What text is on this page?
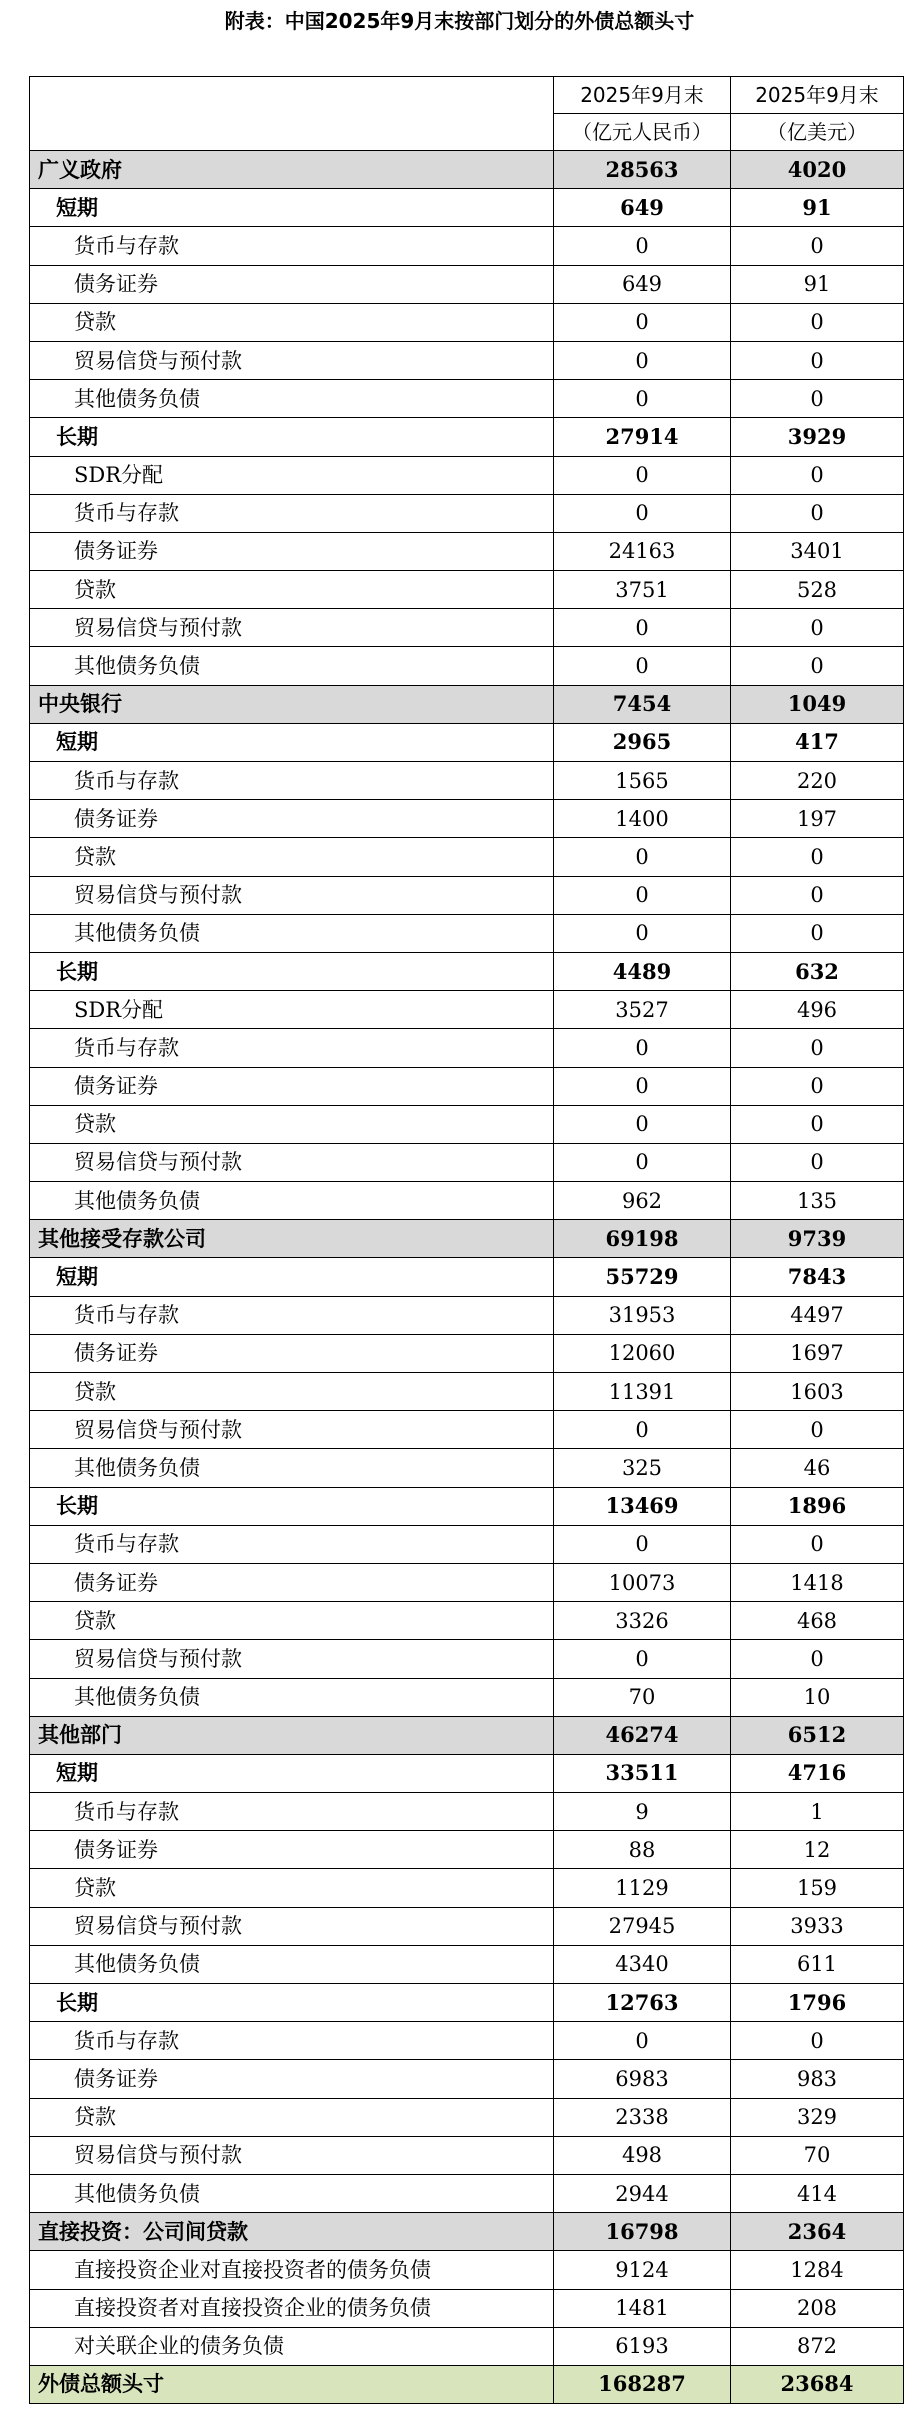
附表：中国2025年9月末按部门划分的外债总额头寸
	2025年9月末	2025年9月末
	（亿元人民币）	（亿美元）
广义政府	28563	4020
短期	649	91
货币与存款	0	0
债务证券	649	91
贷款	0	0
贸易信贷与预付款	0	0
其他债务负债	0	0
长期	27914	3929
SDR分配	0	0
货币与存款	0	0
债务证券	24163	3401
贷款	3751	528
贸易信贷与预付款	0	0
其他债务负债	0	0
中央银行	7454	1049
短期	2965	417
货币与存款	1565	220
债务证券	1400	197
贷款	0	0
贸易信贷与预付款	0	0
其他债务负债	0	0
长期	4489	632
SDR分配	3527	496
货币与存款	0	0
债务证券	0	0
贷款	0	0
贸易信贷与预付款	0	0
其他债务负债	962	135
其他接受存款公司	69198	9739
短期	55729	7843
货币与存款	31953	4497
债务证券	12060	1697
贷款	11391	1603
贸易信贷与预付款	0	0
其他债务负债	325	46
长期	13469	1896
货币与存款	0	0
债务证券	10073	1418
贷款	3326	468
贸易信贷与预付款	0	0
其他债务负债	70	10
其他部门	46274	6512
短期	33511	4716
货币与存款	9	1
债务证券	88	12
贷款	1129	159
贸易信贷与预付款	27945	3933
其他债务负债	4340	611
长期	12763	1796
货币与存款	0	0
债务证券	6983	983
贷款	2338	329
贸易信贷与预付款	498	70
其他债务负债	2944	414
直接投资：公司间贷款	16798	2364
直接投资企业对直接投资者的债务负债	9124	1284
直接投资者对直接投资企业的债务负债	1481	208
对关联企业的债务负债	6193	872
外债总额头寸	168287	23684
